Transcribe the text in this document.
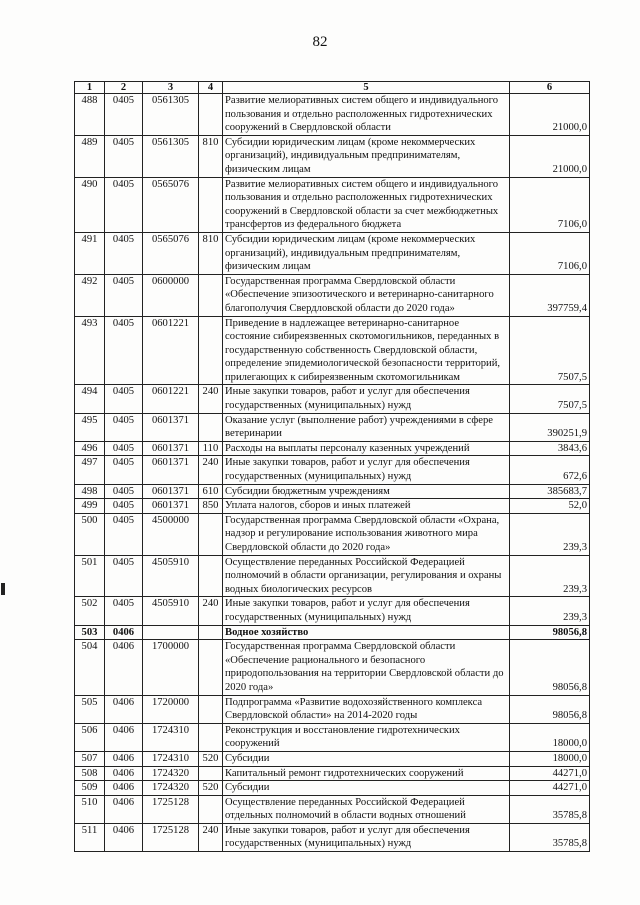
82
1	2	3	4	5	6
488	0405	0561305		Развитие мелиоративных систем общего и индивидуального пользования и отдельно расположенных гидротехнических сооружений в Свердловской области	21000,0
489	0405	0561305	810	Субсидии юридическим лицам (кроме некоммерческих организаций), индивидуальным предпринимателям, физическим лицам	21000,0
490	0405	0565076		Развитие мелиоративных систем общего и индивидуального пользования и отдельно расположенных гидротехнических сооружений в Свердловской области за счет межбюджетных трансфертов из федерального бюджета	7106,0
491	0405	0565076	810	Субсидии юридическим лицам (кроме некоммерческих организаций), индивидуальным предпринимателям, физическим лицам	7106,0
492	0405	0600000		Государственная программа Свердловской области «Обеспечение эпизоотического и ветеринарно-санитарного благополучия Свердловской области до 2020 года»	397759,4
493	0405	0601221		Приведение в надлежащее ветеринарно-санитарное состояние сибиреязвенных скотомогильников, переданных в государственную собственность Свердловской области, определение эпидемиологической безопасности территорий, прилегающих к сибиреязвенным скотомогильникам	7507,5
494	0405	0601221	240	Иные закупки товаров, работ и услуг для обеспечения государственных (муниципальных) нужд	7507,5
495	0405	0601371		Оказание услуг (выполнение работ) учреждениями в сфере ветеринарии	390251,9
496	0405	0601371	110	Расходы на выплаты персоналу казенных учреждений	3843,6
497	0405	0601371	240	Иные закупки товаров, работ и услуг для обеспечения государственных (муниципальных) нужд	672,6
498	0405	0601371	610	Субсидии бюджетным учреждениям	385683,7
499	0405	0601371	850	Уплата налогов, сборов и иных платежей	52,0
500	0405	4500000		Государственная программа Свердловской области «Охрана, надзор и регулирование использования животного мира Свердловской области до 2020 года»	239,3
501	0405	4505910		Осуществление переданных Российской Федерацией полномочий в области организации, регулирования и охраны водных биологических ресурсов	239,3
502	0405	4505910	240	Иные закупки товаров, работ и услуг для обеспечения государственных (муниципальных) нужд	239,3
503	0406			Водное хозяйство	98056,8
504	0406	1700000		Государственная программа Свердловской области «Обеспечение рационального и безопасного природопользования на территории Свердловской области до 2020 года»	98056,8
505	0406	1720000		Подпрограмма «Развитие водохозяйственного комплекса Свердловской области» на 2014-2020 годы	98056,8
506	0406	1724310		Реконструкция и восстановление гидротехнических сооружений	18000,0
507	0406	1724310	520	Субсидии	18000,0
508	0406	1724320		Капитальный ремонт гидротехнических сооружений	44271,0
509	0406	1724320	520	Субсидии	44271,0
510	0406	1725128		Осуществление переданных Российской Федерацией отдельных полномочий в области водных отношений	35785,8
511	0406	1725128	240	Иные закупки товаров, работ и услуг для обеспечения государственных (муниципальных) нужд	35785,8
